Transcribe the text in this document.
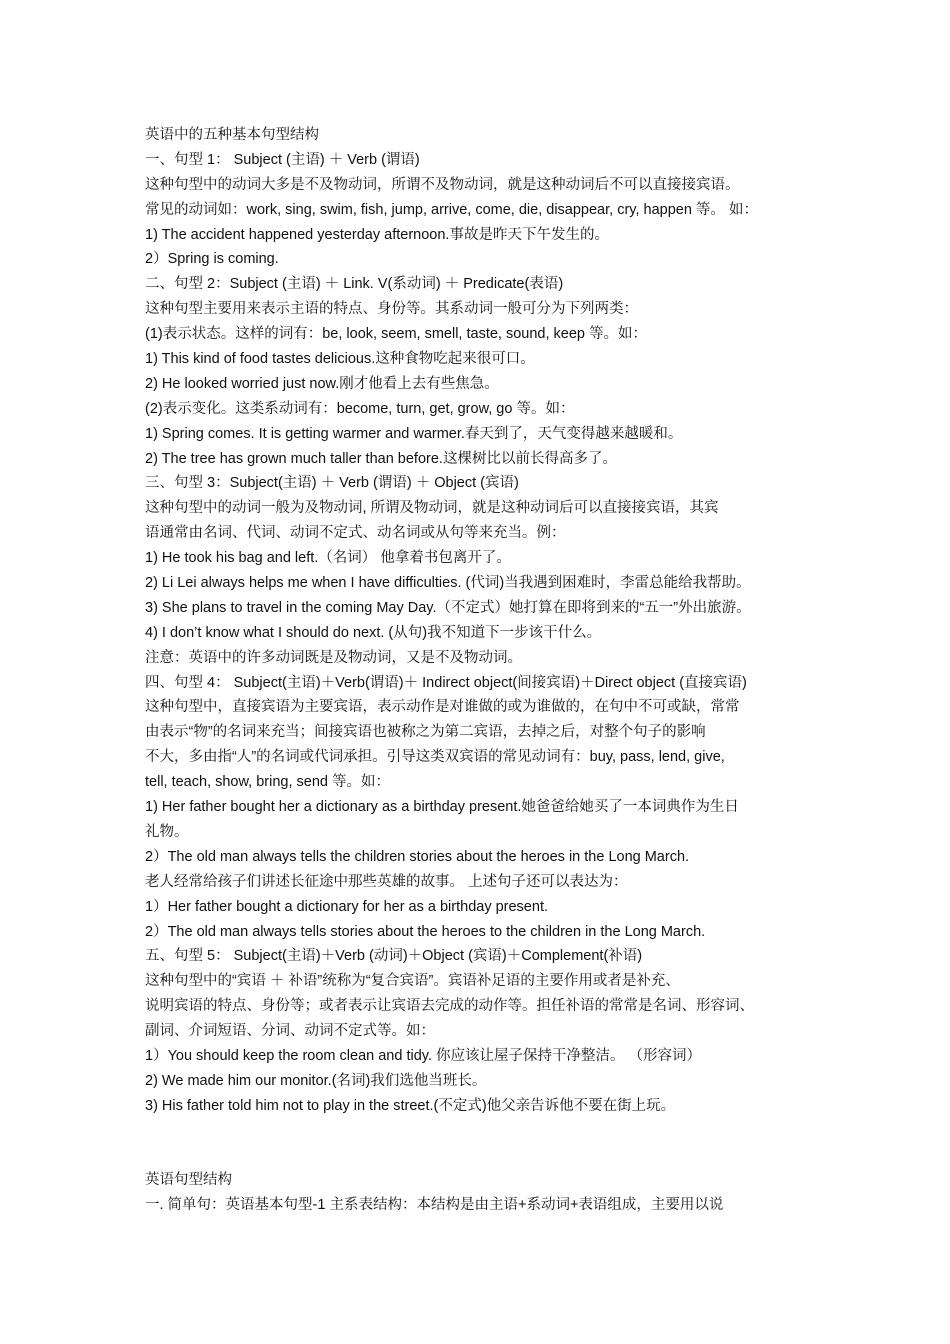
英语中的五种基本句型结构
一、句型 1： Subject (主语) ＋ Verb (谓语)
这种句型中的动词大多是不及物动词，所谓不及物动词，就是这种动词后不可以直接接宾语。
常见的动词如：work, sing, swim, fish, jump, arrive, come, die, disappear, cry, happen 等。 如：
1) The accident happened yesterday afternoon.事故是昨天下午发生的。
2）Spring is coming.
二、句型 2：Subject (主语) ＋ Link. V(系动词) ＋ Predicate(表语)
这种句型主要用来表示主语的特点、身份等。其系动词一般可分为下列两类：
(1)表示状态。这样的词有：be, look, seem, smell, taste, sound, keep 等。如：
1) This kind of food tastes delicious.这种食物吃起来很可口。
2) He looked worried just now.刚才他看上去有些焦急。
(2)表示变化。这类系动词有：become, turn, get, grow, go 等。如：
1) Spring comes. It is getting warmer and warmer.春天到了，天气变得越来越暖和。
2) The tree has grown much taller than before.这棵树比以前长得高多了。
三、句型 3：Subject(主语) ＋ Verb (谓语) ＋ Object (宾语)
这种句型中的动词一般为及物动词, 所谓及物动词，就是这种动词后可以直接接宾语，其宾
语通常由名词、代词、动词不定式、动名词或从句等来充当。例：
1) He took his bag and left.（名词） 他拿着书包离开了。
2) Li Lei always helps me when I have difficulties. (代词)当我遇到困难时，李雷总能给我帮助。
3) She plans to travel in the coming May Day.（不定式）她打算在即将到来的“五一”外出旅游。
4) I don’t know what I should do next. (从句)我不知道下一步该干什么。
注意：英语中的许多动词既是及物动词，又是不及物动词。
四、句型 4： Subject(主语)＋Verb(谓语)＋ Indirect object(间接宾语)＋Direct object (直接宾语)
这种句型中，直接宾语为主要宾语，表示动作是对谁做的或为谁做的，在句中不可或缺，常常
由表示“物”的名词来充当；间接宾语也被称之为第二宾语，去掉之后，对整个句子的影响
不大，多由指“人”的名词或代词承担。引导这类双宾语的常见动词有：buy, pass, lend, give,
tell, teach, show, bring, send 等。如：
1) Her father bought her a dictionary as a birthday present.她爸爸给她买了一本词典作为生日
礼物。
2）The old man always tells the children stories about the heroes in the Long March.
老人经常给孩子们讲述长征途中那些英雄的故事。 上述句子还可以表达为：
1）Her father bought a dictionary for her as a birthday present.
2）The old man always tells stories about the heroes to the children in the Long March.
五、句型 5： Subject(主语)＋Verb (动词)＋Object (宾语)＋Complement(补语)
这种句型中的“宾语 ＋ 补语”统称为“复合宾语”。宾语补足语的主要作用或者是补充、
说明宾语的特点、身份等；或者表示让宾语去完成的动作等。担任补语的常常是名词、形容词、
副词、介词短语、分词、动词不定式等。如：
1）You should keep the room clean and tidy. 你应该让屋子保持干净整洁。 （形容词）
2) We made him our monitor.(名词)我们选他当班长。
3) His father told him not to play in the street.(不定式)他父亲告诉他不要在街上玩。
英语句型结构
一. 简单句：英语基本句型-1 主系表结构：本结构是由主语+系动词+表语组成，主要用以说
